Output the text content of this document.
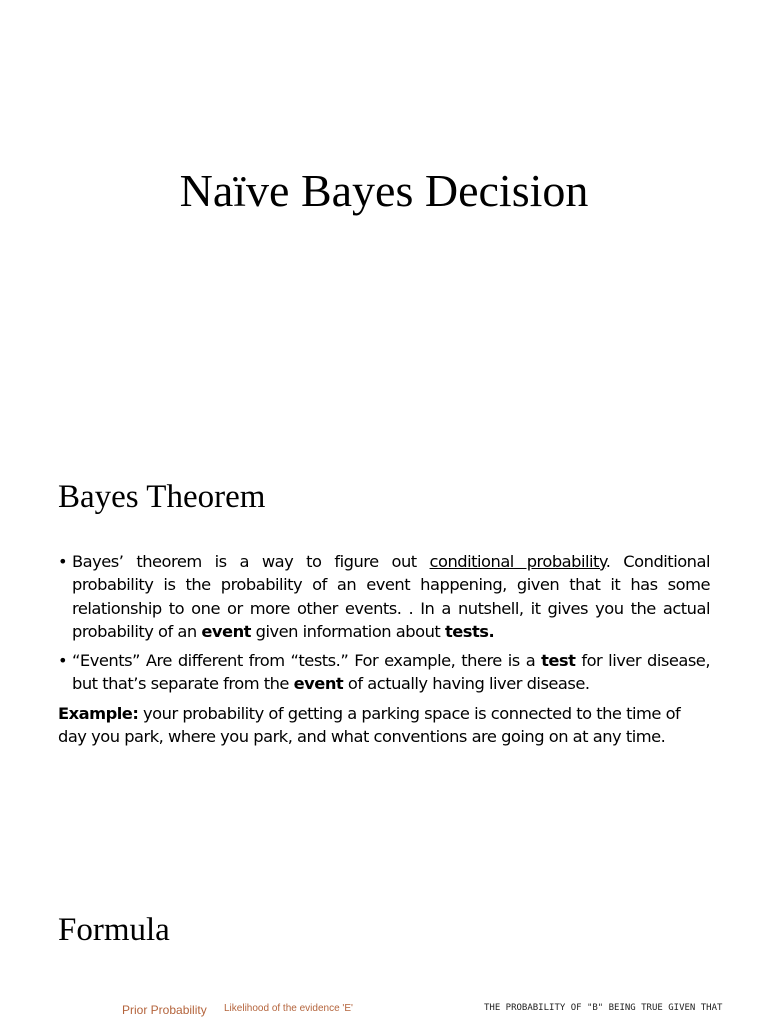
Naïve Bayes Decision
Bayes Theorem
• Bayes’ theorem is a way to figure out conditional probability. Conditional probability is the probability of an event happening, given that it has some relationship to one or more other events. . In a nutshell, it gives you the actual probability of an event given information about tests.
• “Events” Are different from “tests.” For example, there is a test for liver disease, but that’s separate from the event of actually having liver disease.
Example: your probability of getting a parking space is connected to the time of day you park, where you park, and what conventions are going on at any time.
Formula
Prior Probability Likelihood of the evidence 'E'	THE PROBABILITY OF "B" BEING TRUE GIVEN THAT
